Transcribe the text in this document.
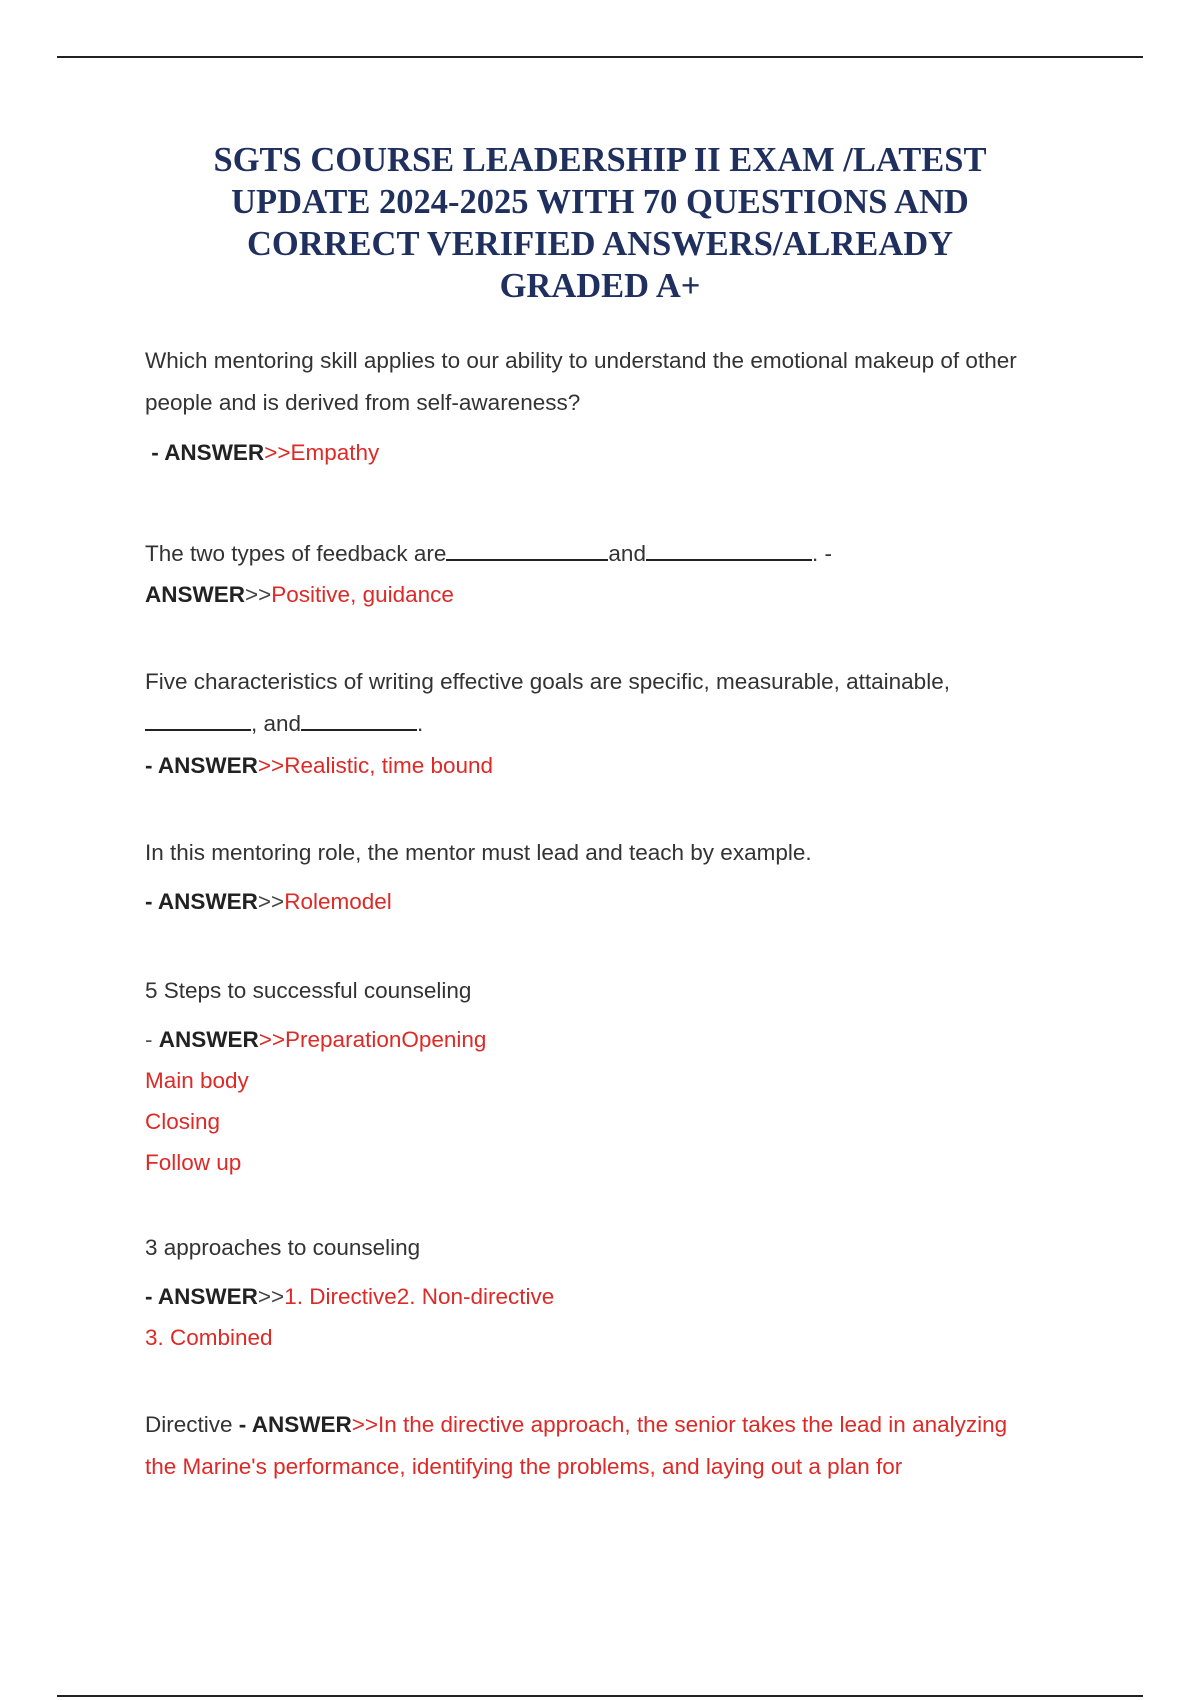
SGTS COURSE LEADERSHIP II EXAM /LATEST
UPDATE 2024-2025 WITH 70 QUESTIONS AND
CORRECT VERIFIED ANSWERS/ALREADY
GRADED A+

Which mentoring skill applies to our ability to understand the emotional makeup of other
people and is derived from self-awareness?

- ANSWER>>Empathy

The two types of feedback are	and	. -

ANSWER>>Positive, guidance

Five characteristics of writing effective goals are specific, measurable, attainable,
, and	.

- ANSWER>>Realistic, time bound

In this mentoring role, the mentor must lead and teach by example.

- ANSWER>>Rolemodel

5 Steps to successful counseling

- ANSWER>>PreparationOpening

Main body

Closing

Follow up

3 approaches to counseling

- ANSWER>>1. Directive2. Non-directive

3. Combined

Directive - ANSWER>>In the directive approach, the senior takes the lead in analyzing
the Marine's performance, identifying the problems, and laying out a plan for
